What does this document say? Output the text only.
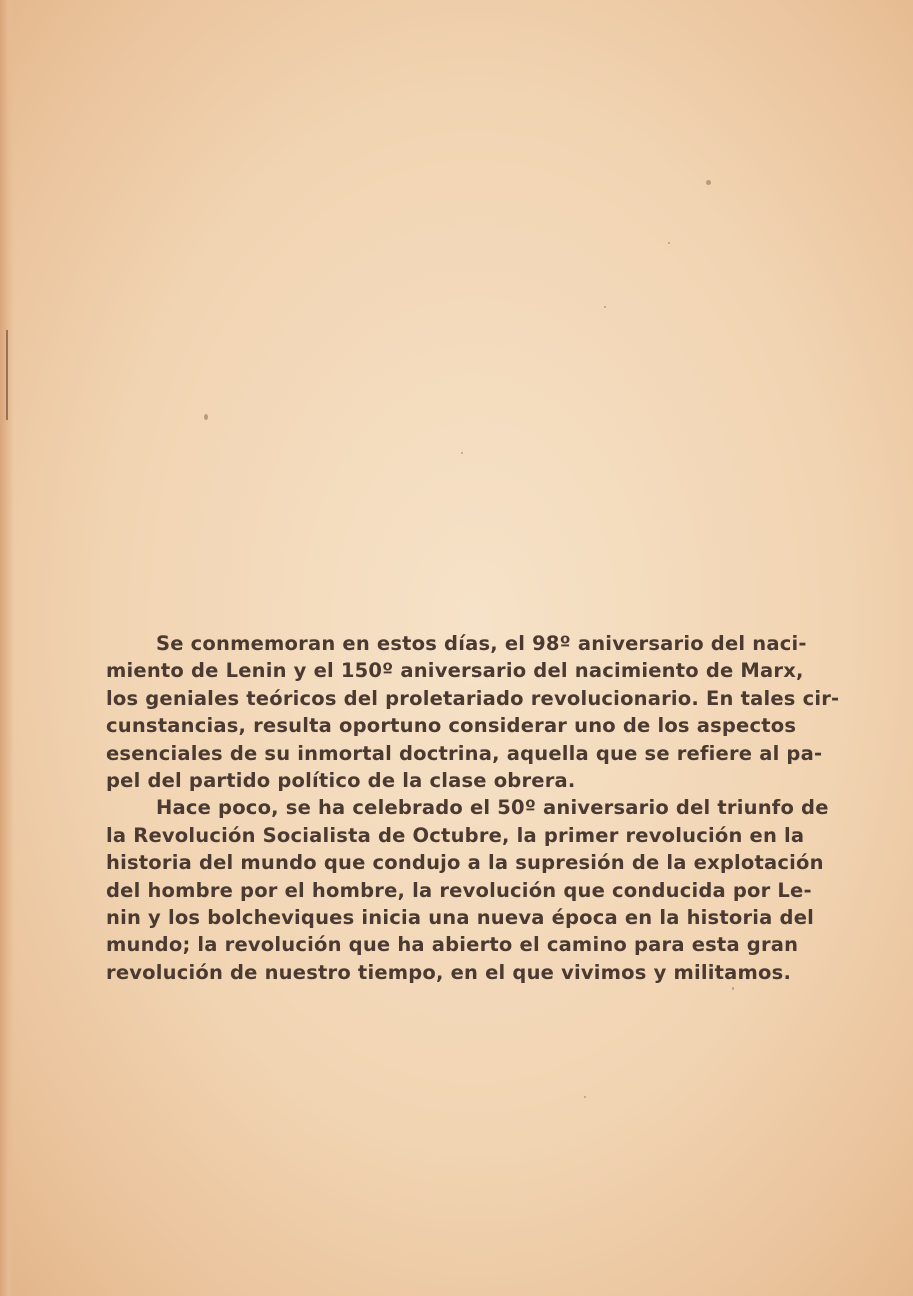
Se conmemoran en estos días, el 98º aniversario del naci-
miento de Lenin y el 150º aniversario del nacimiento de Marx,
los geniales teóricos del proletariado revolucionario. En tales cir-
cunstancias, resulta oportuno considerar uno de los aspectos
esenciales de su inmortal doctrina, aquella que se refiere al pa-
pel del partido político de la clase obrera.
Hace poco, se ha celebrado el 50º aniversario del triunfo de
la Revolución Socialista de Octubre, la primer revolución en la
historia del mundo que condujo a la supresión de la explotación
del hombre por el hombre, la revolución que conducida por Le-
nin y los bolcheviques inicia una nueva época en la historia del
mundo; la revolución que ha abierto el camino para esta gran
revolución de nuestro tiempo, en el que vivimos y militamos.
